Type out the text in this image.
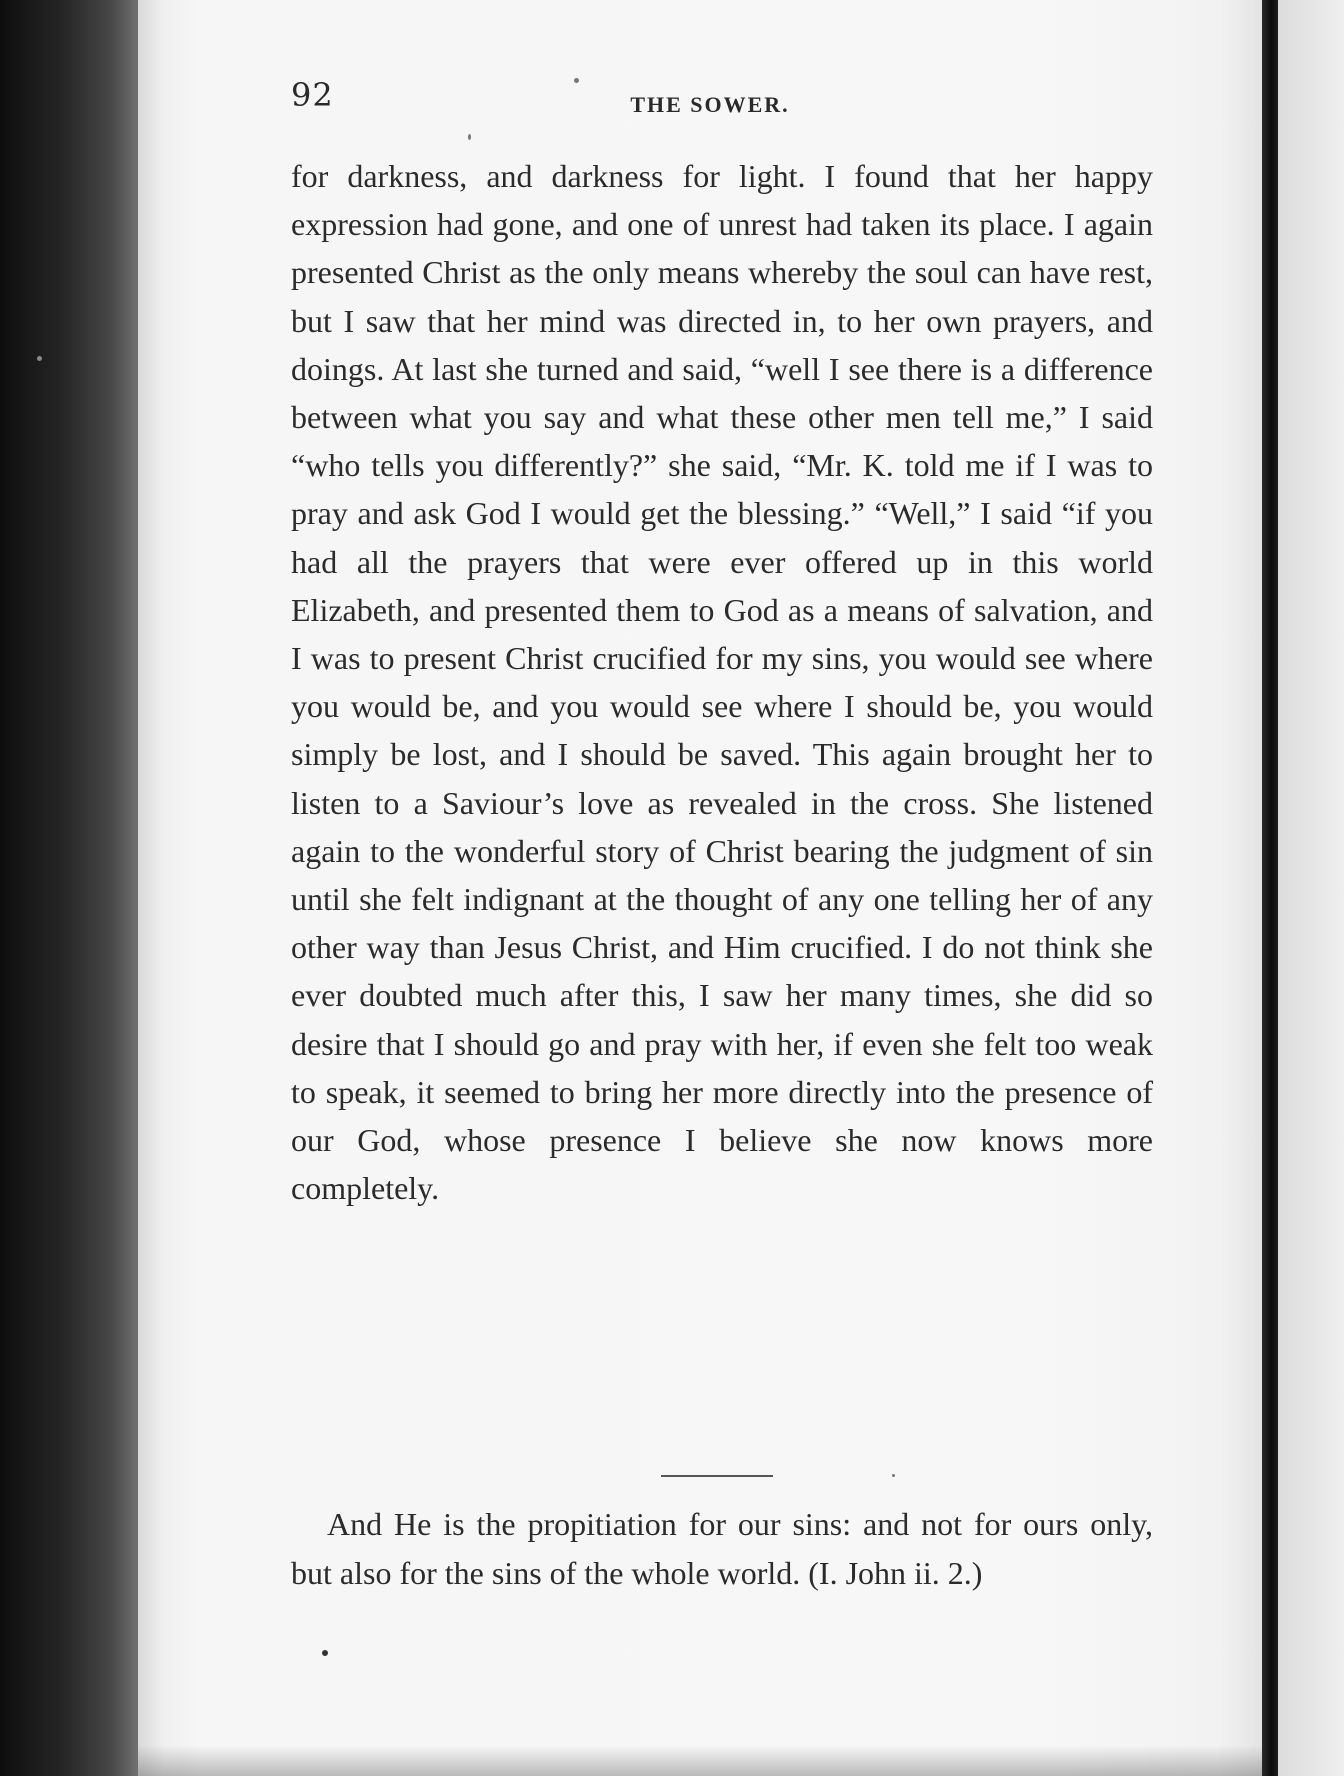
92	THE SOWER.

for darkness, and darkness for light. I found that her happy expression had gone, and one of unrest had taken its place. I again presented Christ as the only means whereby the soul can have rest, but I saw that her mind was directed in, to her own prayers, and doings. At last she turned and said, “well I see there is a difference between what you say and what these other men tell me,” I said “who tells you differently?” she said, “Mr. K. told me if I was to pray and ask God I would get the blessing.” “Well,” I said “if you had all the prayers that were ever offered up in this world Elizabeth, and presented them to God as a means of salvation, and I was to present Christ crucified for my sins, you would see where you would be, and you would see where I should be, you would simply be lost, and I should be saved. This again brought her to listen to a Saviour’s love as revealed in the cross. She listened again to the wonderful story of Christ bearing the judgment of sin until she felt indignant at the thought of any one telling her of any other way than Jesus Christ, and Him crucified. I do not think she ever doubted much after this, I saw her many times, she did so desire that I should go and pray with her, if even she felt too weak to speak, it seemed to bring her more directly into the presence of our God, whose presence I believe she now knows more completely.

And He is the propitiation for our sins: and not for ours only, but also for the sins of the whole world. (I. John ii. 2.)
